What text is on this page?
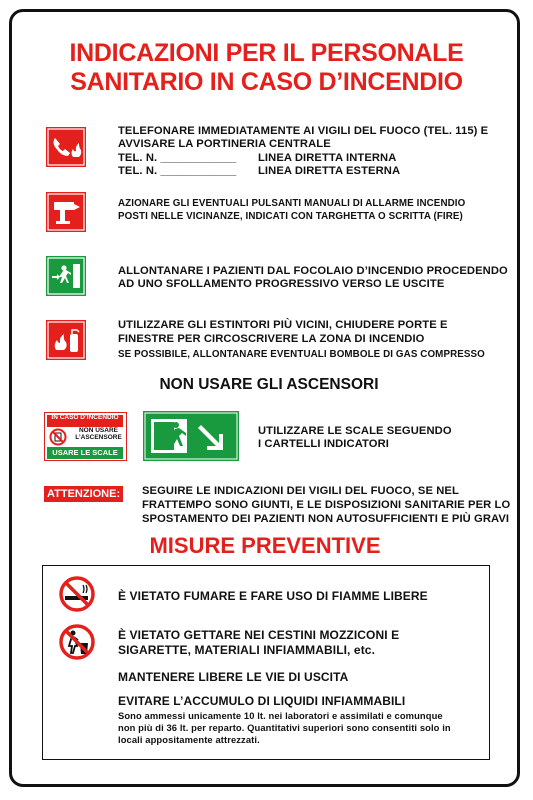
INDICAZIONI PER IL PERSONALE
SANITARIO IN CASO D’INCENDIO
TELEFONARE IMMEDIATAMENTE AI VIGILI DEL FUOCO (TEL. 115) E
AVVISARE LA PORTINERIA CENTRALE
TEL. N. ____________ LINEA DIRETTA INTERNA
TEL. N. ____________ LINEA DIRETTA ESTERNA
AZIONARE GLI EVENTUALI PULSANTI MANUALI DI ALLARME INCENDIO
POSTI NELLE VICINANZE, INDICATI CON TARGHETTA O SCRITTA (FIRE)
ALLONTANARE I PAZIENTI DAL FOCOLAIO D’INCENDIO PROCEDENDO
AD UNO SFOLLAMENTO PROGRESSIVO VERSO LE USCITE
UTILIZZARE GLI ESTINTORI PIÙ VICINI, CHIUDERE PORTE E
FINESTRE PER CIRCOSCRIVERE LA ZONA DI INCENDIO
SE POSSIBILE, ALLONTANARE EVENTUALI BOMBOLE DI GAS COMPRESSO
NON USARE GLI ASCENSORI
IN CASO D’INCENDIO
NON USARE L’ASCENSORE
USARE LE SCALE
UTILIZZARE LE SCALE SEGUENDO
I CARTELLI INDICATORI
ATTENZIONE: SEGUIRE LE INDICAZIONI DEI VIGILI DEL FUOCO, SE NEL
FRATTEMPO SONO GIUNTI, E LE DISPOSIZIONI SANITARIE PER LO
SPOSTAMENTO DEI PAZIENTI NON AUTOSUFFICIENTI E PIÙ GRAVI
MISURE PREVENTIVE
È VIETATO FUMARE E FARE USO DI FIAMME LIBERE
È VIETATO GETTARE NEI CESTINI MOZZICONI E
SIGARETTE, MATERIALI INFIAMMABILI, etc.
MANTENERE LIBERE LE VIE DI USCITA
EVITARE L’ACCUMULO DI LIQUIDI INFIAMMABILI
Sono ammessi unicamente 10 lt. nei laboratori e assimilati e comunque
non più di 36 lt. per reparto. Quantitativi superiori sono consentiti solo in
locali appositamente attrezzati.
